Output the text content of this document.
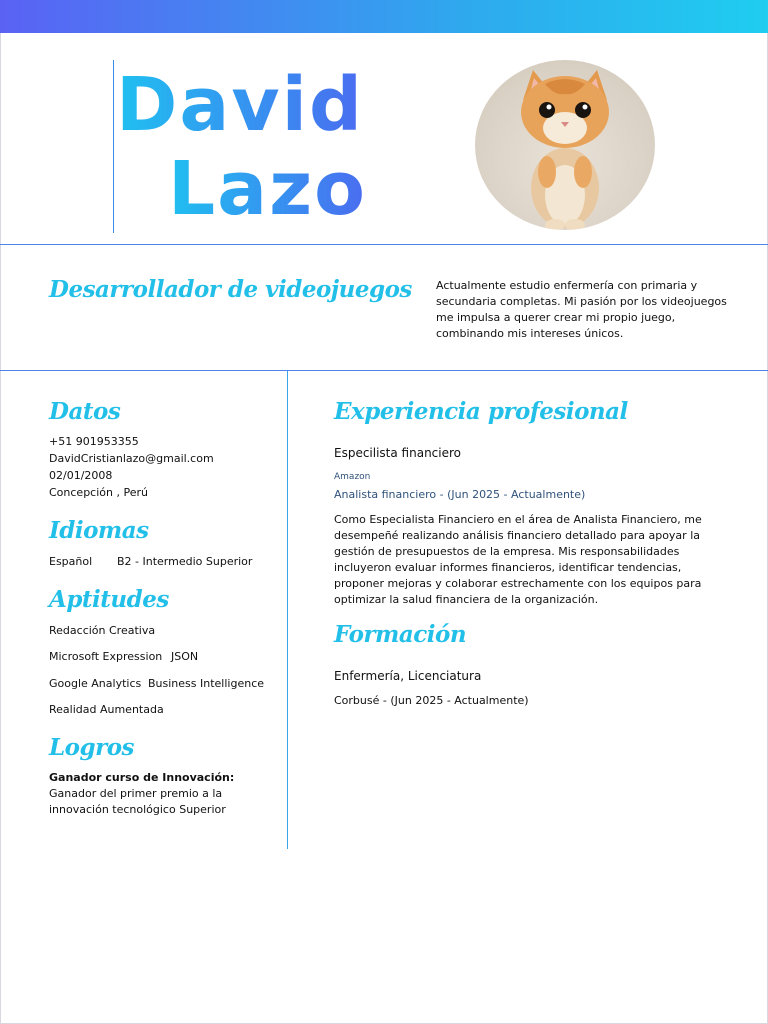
David
Lazo
Desarrollador de videojuegos Actualmente estudio enfermería con primaria y secundaria completas. Mi pasión por los videojuegos me impulsa a querer crear mi propio juego, combinando mis intereses únicos.
Datos
+51 901953355
DavidCristianlazo@gmail.com
02/01/2008
Concepción , Perú
Idiomas
Español B2 - Intermedio Superior
Aptitudes
Redacción Creativa
Microsoft Expression JSON
Google Analytics Business Intelligence
Realidad Aumentada
Logros
Ganador curso de Innovación: Ganador del primer premio a la innovación tecnológico Superior
Experiencia profesional
Especilista financiero
Amazon
Analista financiero - (Jun 2025 - Actualmente)
Como Especialista Financiero en el área de Analista Financiero, me desempeñé realizando análisis financiero detallado para apoyar la gestión de presupuestos de la empresa. Mis responsabilidades incluyeron evaluar informes financieros, identificar tendencias, proponer mejoras y colaborar estrechamente con los equipos para optimizar la salud financiera de la organización.
Formación
Enfermería, Licenciatura
Corbusé - (Jun 2025 - Actualmente)
